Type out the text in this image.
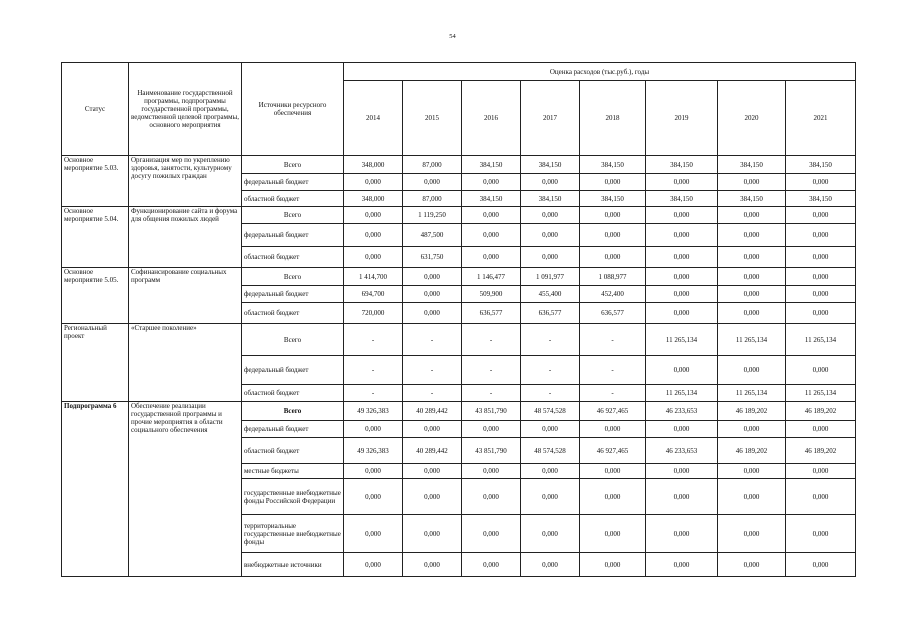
54
Статус	Наименование государственной программы, подпрограммы государственной программы, ведомственной целевой программы, основного мероприятия	Источники ресурсного обеспечения	Оценка расходов (тыс.руб.), годы							
			2014	2015	2016	2017	2018	2019	2020	2021
Основное мероприятие 5.03.	Организация мер по укреплению здоровья, занятости, культурному досугу пожилых граждан	Всего	348,000	87,000	384,150	384,150	384,150	384,150	384,150	384,150
		федеральный бюджет	0,000	0,000	0,000	0,000	0,000	0,000	0,000	0,000
		областной бюджет	348,000	87,000	384,150	384,150	384,150	384,150	384,150	384,150
Основное мероприятие 5.04.	Функционирование сайта и форума для общения пожилых людей	Всего	0,000	1 119,250	0,000	0,000	0,000	0,000	0,000	0,000
		федеральный бюджет	0,000	487,500	0,000	0,000	0,000	0,000	0,000	0,000
		областной бюджет	0,000	631,750	0,000	0,000	0,000	0,000	0,000	0,000
Основное мероприятие 5.05.	Софинансирование социальных программ	Всего	1 414,700	0,000	1 146,477	1 091,977	1 088,977	0,000	0,000	0,000
		федеральный бюджет	694,700	0,000	509,900	455,400	452,400	0,000	0,000	0,000
		областной бюджет	720,000	0,000	636,577	636,577	636,577	0,000	0,000	0,000
Региональный проект	«Старшее поколение»	Всего	-	-	-	-	-	11 265,134	11 265,134	11 265,134
		федеральный бюджет	-	-	-	-	-	0,000	0,000	0,000
		областной бюджет	-	-	-	-	-	11 265,134	11 265,134	11 265,134
Подпрограмма 6	Обеспечение реализации государственной программы и прочие мероприятия в области социального обеспечения	Всего	49 326,383	40 289,442	43 851,790	48 574,528	46 927,465	46 233,653	46 189,202	46 189,202
		федеральный бюджет	0,000	0,000	0,000	0,000	0,000	0,000	0,000	0,000
		областной бюджет	49 326,383	40 289,442	43 851,790	48 574,528	46 927,465	46 233,653	46 189,202	46 189,202
		местные бюджеты	0,000	0,000	0,000	0,000	0,000	0,000	0,000	0,000
		государственные внебюджетные фонды Российской Федерации	0,000	0,000	0,000	0,000	0,000	0,000	0,000	0,000
		территориальные государственные внебюджетные фонды	0,000	0,000	0,000	0,000	0,000	0,000	0,000	0,000
		внебюджетные источники	0,000	0,000	0,000	0,000	0,000	0,000	0,000	0,000
